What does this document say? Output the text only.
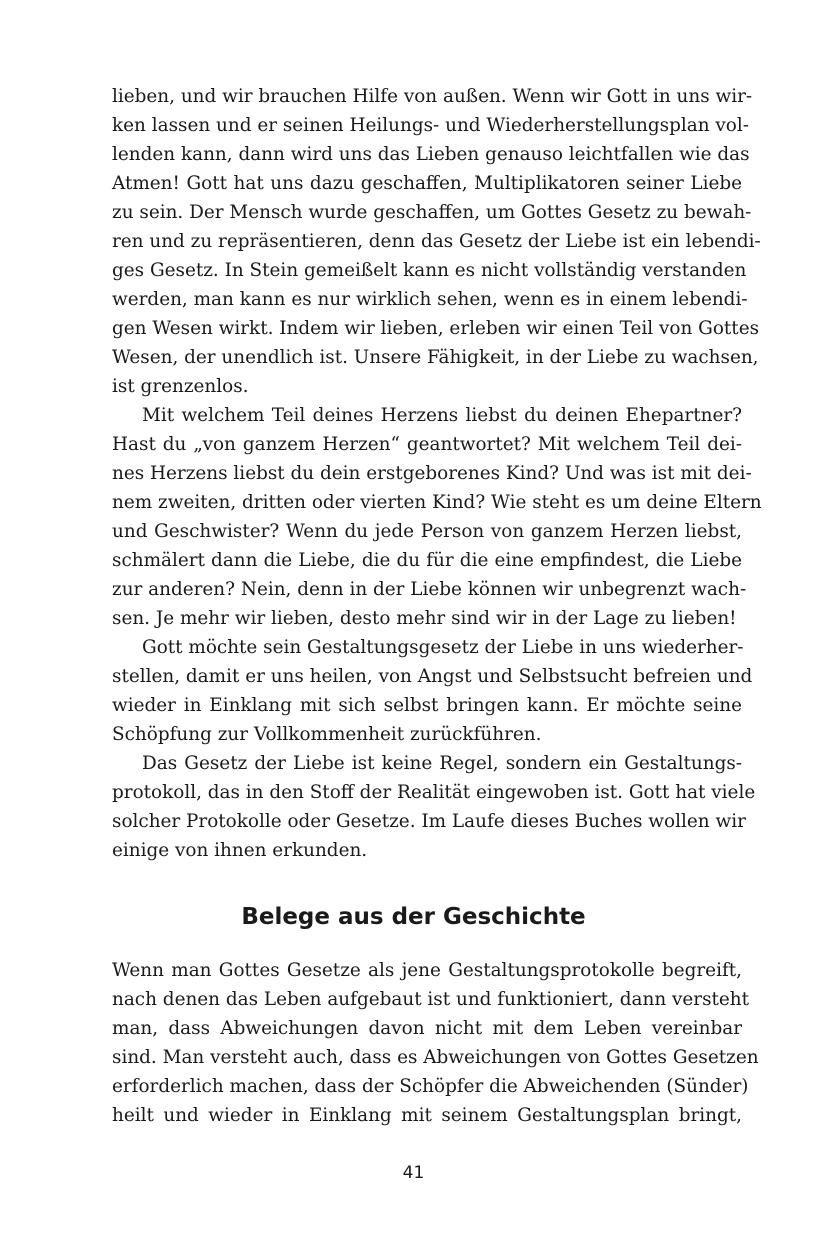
lieben, und wir brauchen Hilfe von außen. Wenn wir Gott in uns wir-
ken lassen und er seinen Heilungs- und Wiederherstellungsplan vol-
lenden kann, dann wird uns das Lieben genauso leichtfallen wie das
Atmen! Gott hat uns dazu geschaffen, Multiplikatoren seiner Liebe
zu sein. Der Mensch wurde geschaffen, um Gottes Gesetz zu bewah-
ren und zu repräsentieren, denn das Gesetz der Liebe ist ein lebendi-
ges Gesetz. In Stein gemeißelt kann es nicht vollständig verstanden
werden, man kann es nur wirklich sehen, wenn es in einem lebendi-
gen Wesen wirkt. Indem wir lieben, erleben wir einen Teil von Gottes
Wesen, der unendlich ist. Unsere Fähigkeit, in der Liebe zu wachsen,
ist grenzenlos.
Mit welchem Teil deines Herzens liebst du deinen Ehepartner?
Hast du „von ganzem Herzen“ geantwortet? Mit welchem Teil dei-
nes Herzens liebst du dein erstgeborenes Kind? Und was ist mit dei-
nem zweiten, dritten oder vierten Kind? Wie steht es um deine Eltern
und Geschwister? Wenn du jede Person von ganzem Herzen liebst,
schmälert dann die Liebe, die du für die eine empfindest, die Liebe
zur anderen? Nein, denn in der Liebe können wir unbegrenzt wach-
sen. Je mehr wir lieben, desto mehr sind wir in der Lage zu lieben!
Gott möchte sein Gestaltungsgesetz der Liebe in uns wiederher-
stellen, damit er uns heilen, von Angst und Selbstsucht befreien und
wieder in Einklang mit sich selbst bringen kann. Er möchte seine
Schöpfung zur Vollkommenheit zurückführen.
Das Gesetz der Liebe ist keine Regel, sondern ein Gestaltungs-
protokoll, das in den Stoff der Realität eingewoben ist. Gott hat viele
solcher Protokolle oder Gesetze. Im Laufe dieses Buches wollen wir
einige von ihnen erkunden.
Belege aus der Geschichte
Wenn man Gottes Gesetze als jene Gestaltungsprotokolle begreift,
nach denen das Leben aufgebaut ist und funktioniert, dann versteht
man, dass Abweichungen davon nicht mit dem Leben vereinbar
sind. Man versteht auch, dass es Abweichungen von Gottes Gesetzen
erforderlich machen, dass der Schöpfer die Abweichenden (Sünder)
heilt und wieder in Einklang mit seinem Gestaltungsplan bringt,
41
